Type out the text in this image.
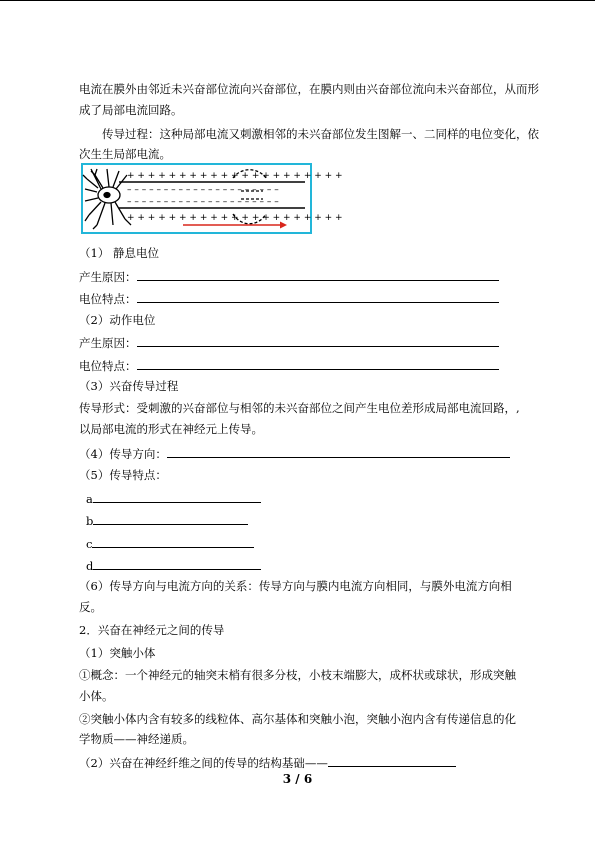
电流在膜外由邻近未兴奋部位流向兴奋部位，在膜内则由兴奋部位流向未兴奋部位，从而形
成了局部电流回路。
传导过程：这种局部电流又刺激相邻的未兴奋部位发生图解一、二同样的电位变化，依
次生生局部电流。
+ + + + + + + + + + + + + + + + + + + + +
– – – – – – – – – – – – – – – – – – – – –
– – – – – – – – – – – – – – – – – – – – –
+ + + + + + + + + + + + + + + + + + + + +
（1） 静息电位
产生原因：
电位特点：
（2）动作电位
产生原因：
电位特点：
（3）兴奋传导过程
传导形式：受刺激的兴奋部位与相邻的未兴奋部位之间产生电位差形成局部电流回路，,
以局部电流的形式在神经元上传导。
（4）传导方向：
（5）传导特点：
a
b
c
d
（6）传导方向与电流方向的关系：传导方向与膜内电流方向相同，与膜外电流方向相
反。
2．兴奋在神经元之间的传导
（1）突触小体
①概念：一个神经元的轴突末梢有很多分枝，小枝末端膨大，成杯状或球状，形成突触
小体。
②突触小体内含有较多的线粒体、高尔基体和突触小泡，突触小泡内含有传递信息的化
学物质——神经递质。
（2）兴奋在神经纤维之间的传导的结构基础——
3 / 6
